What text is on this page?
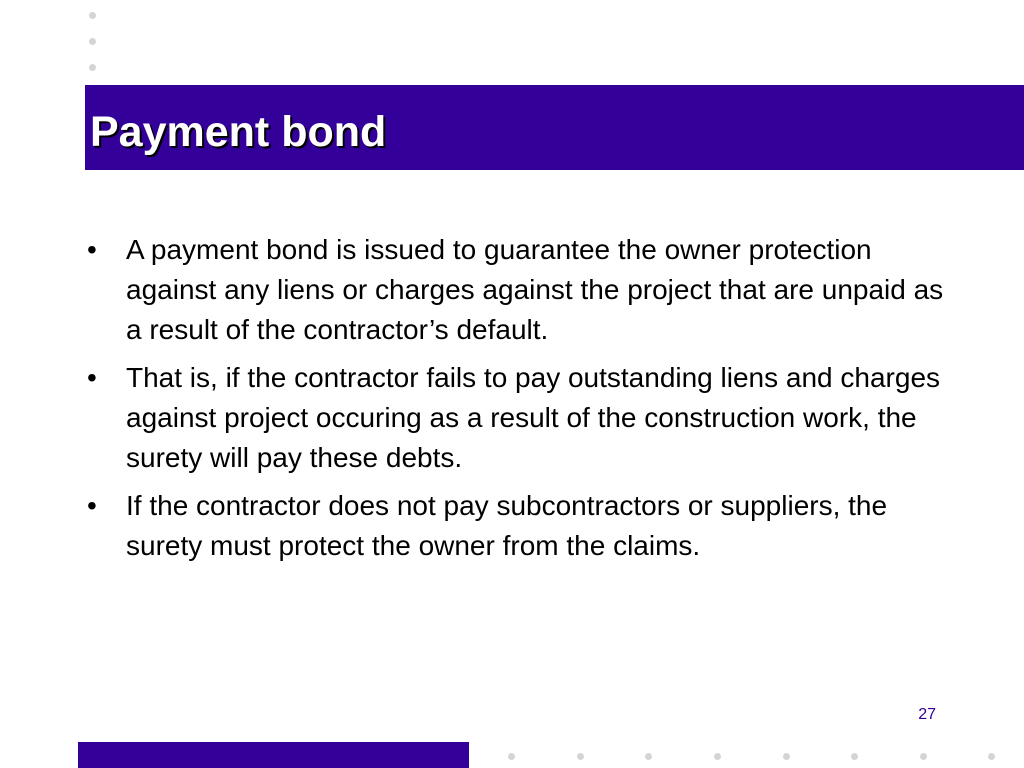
Payment bond
• A payment bond is issued to guarantee the owner protection against any liens or charges against the project that are unpaid as a result of the contractor’s default.
• That is, if the contractor fails to pay outstanding liens and charges against project occuring as a result of the construction work, the surety will pay these debts.
• If the contractor does not pay subcontractors or suppliers, the surety must protect the owner from the claims.
27
